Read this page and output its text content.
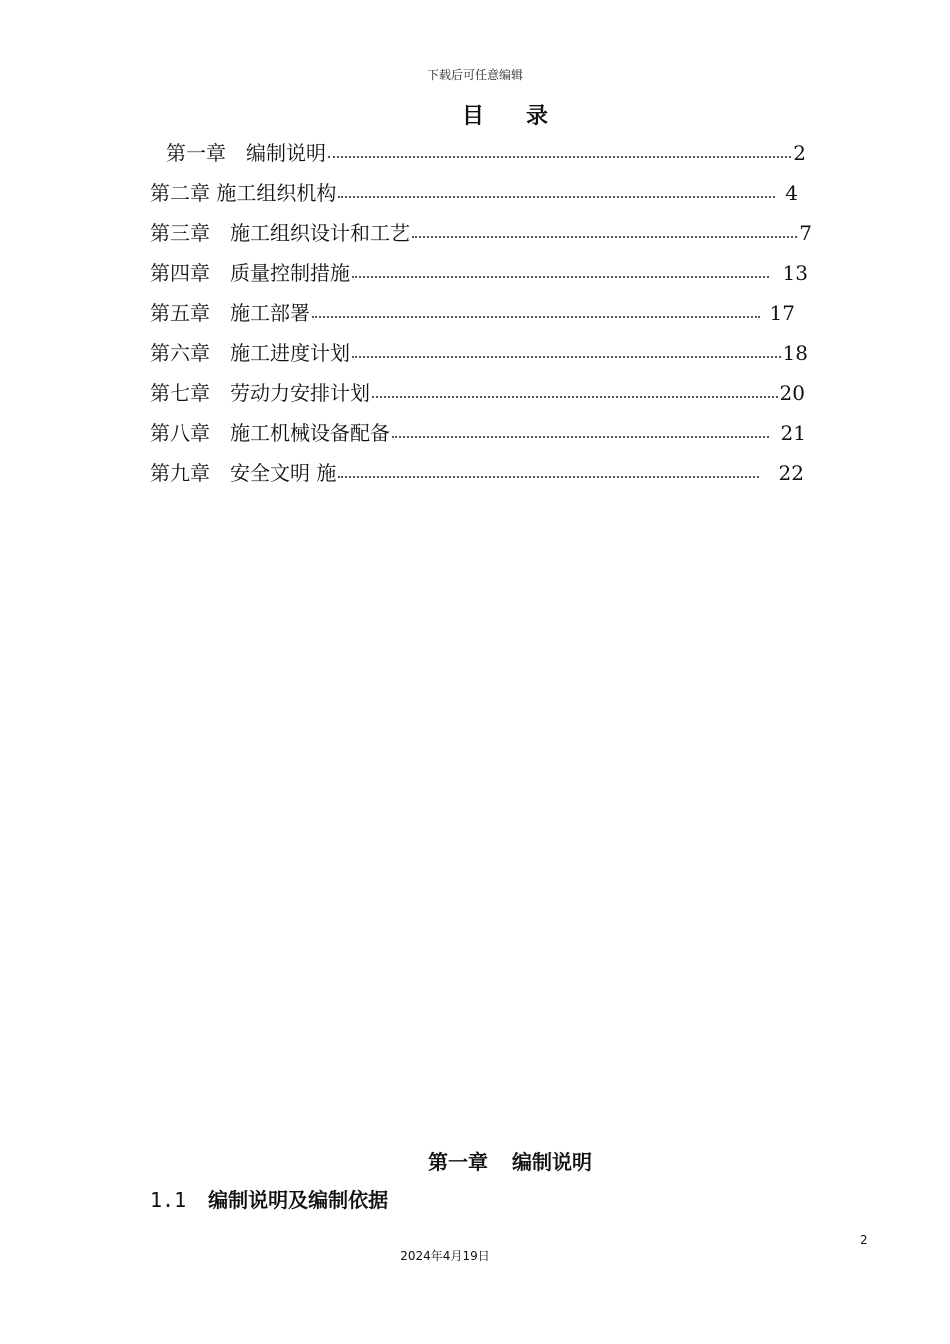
下载后可任意编辑
目 录
第一章　编制说明	2
第二章 施工组织机构	4
第三章　施工组织设计和工艺	7
第四章　质量控制措施	13
第五章　施工部署	17
第六章　施工进度计划	18
第七章　劳动力安排计划	20
第八章　施工机械设备配备	21
第九章　安全文明 施	22
第一章 编制说明
1.1 编制说明及编制依据
2
2024年4月19日
